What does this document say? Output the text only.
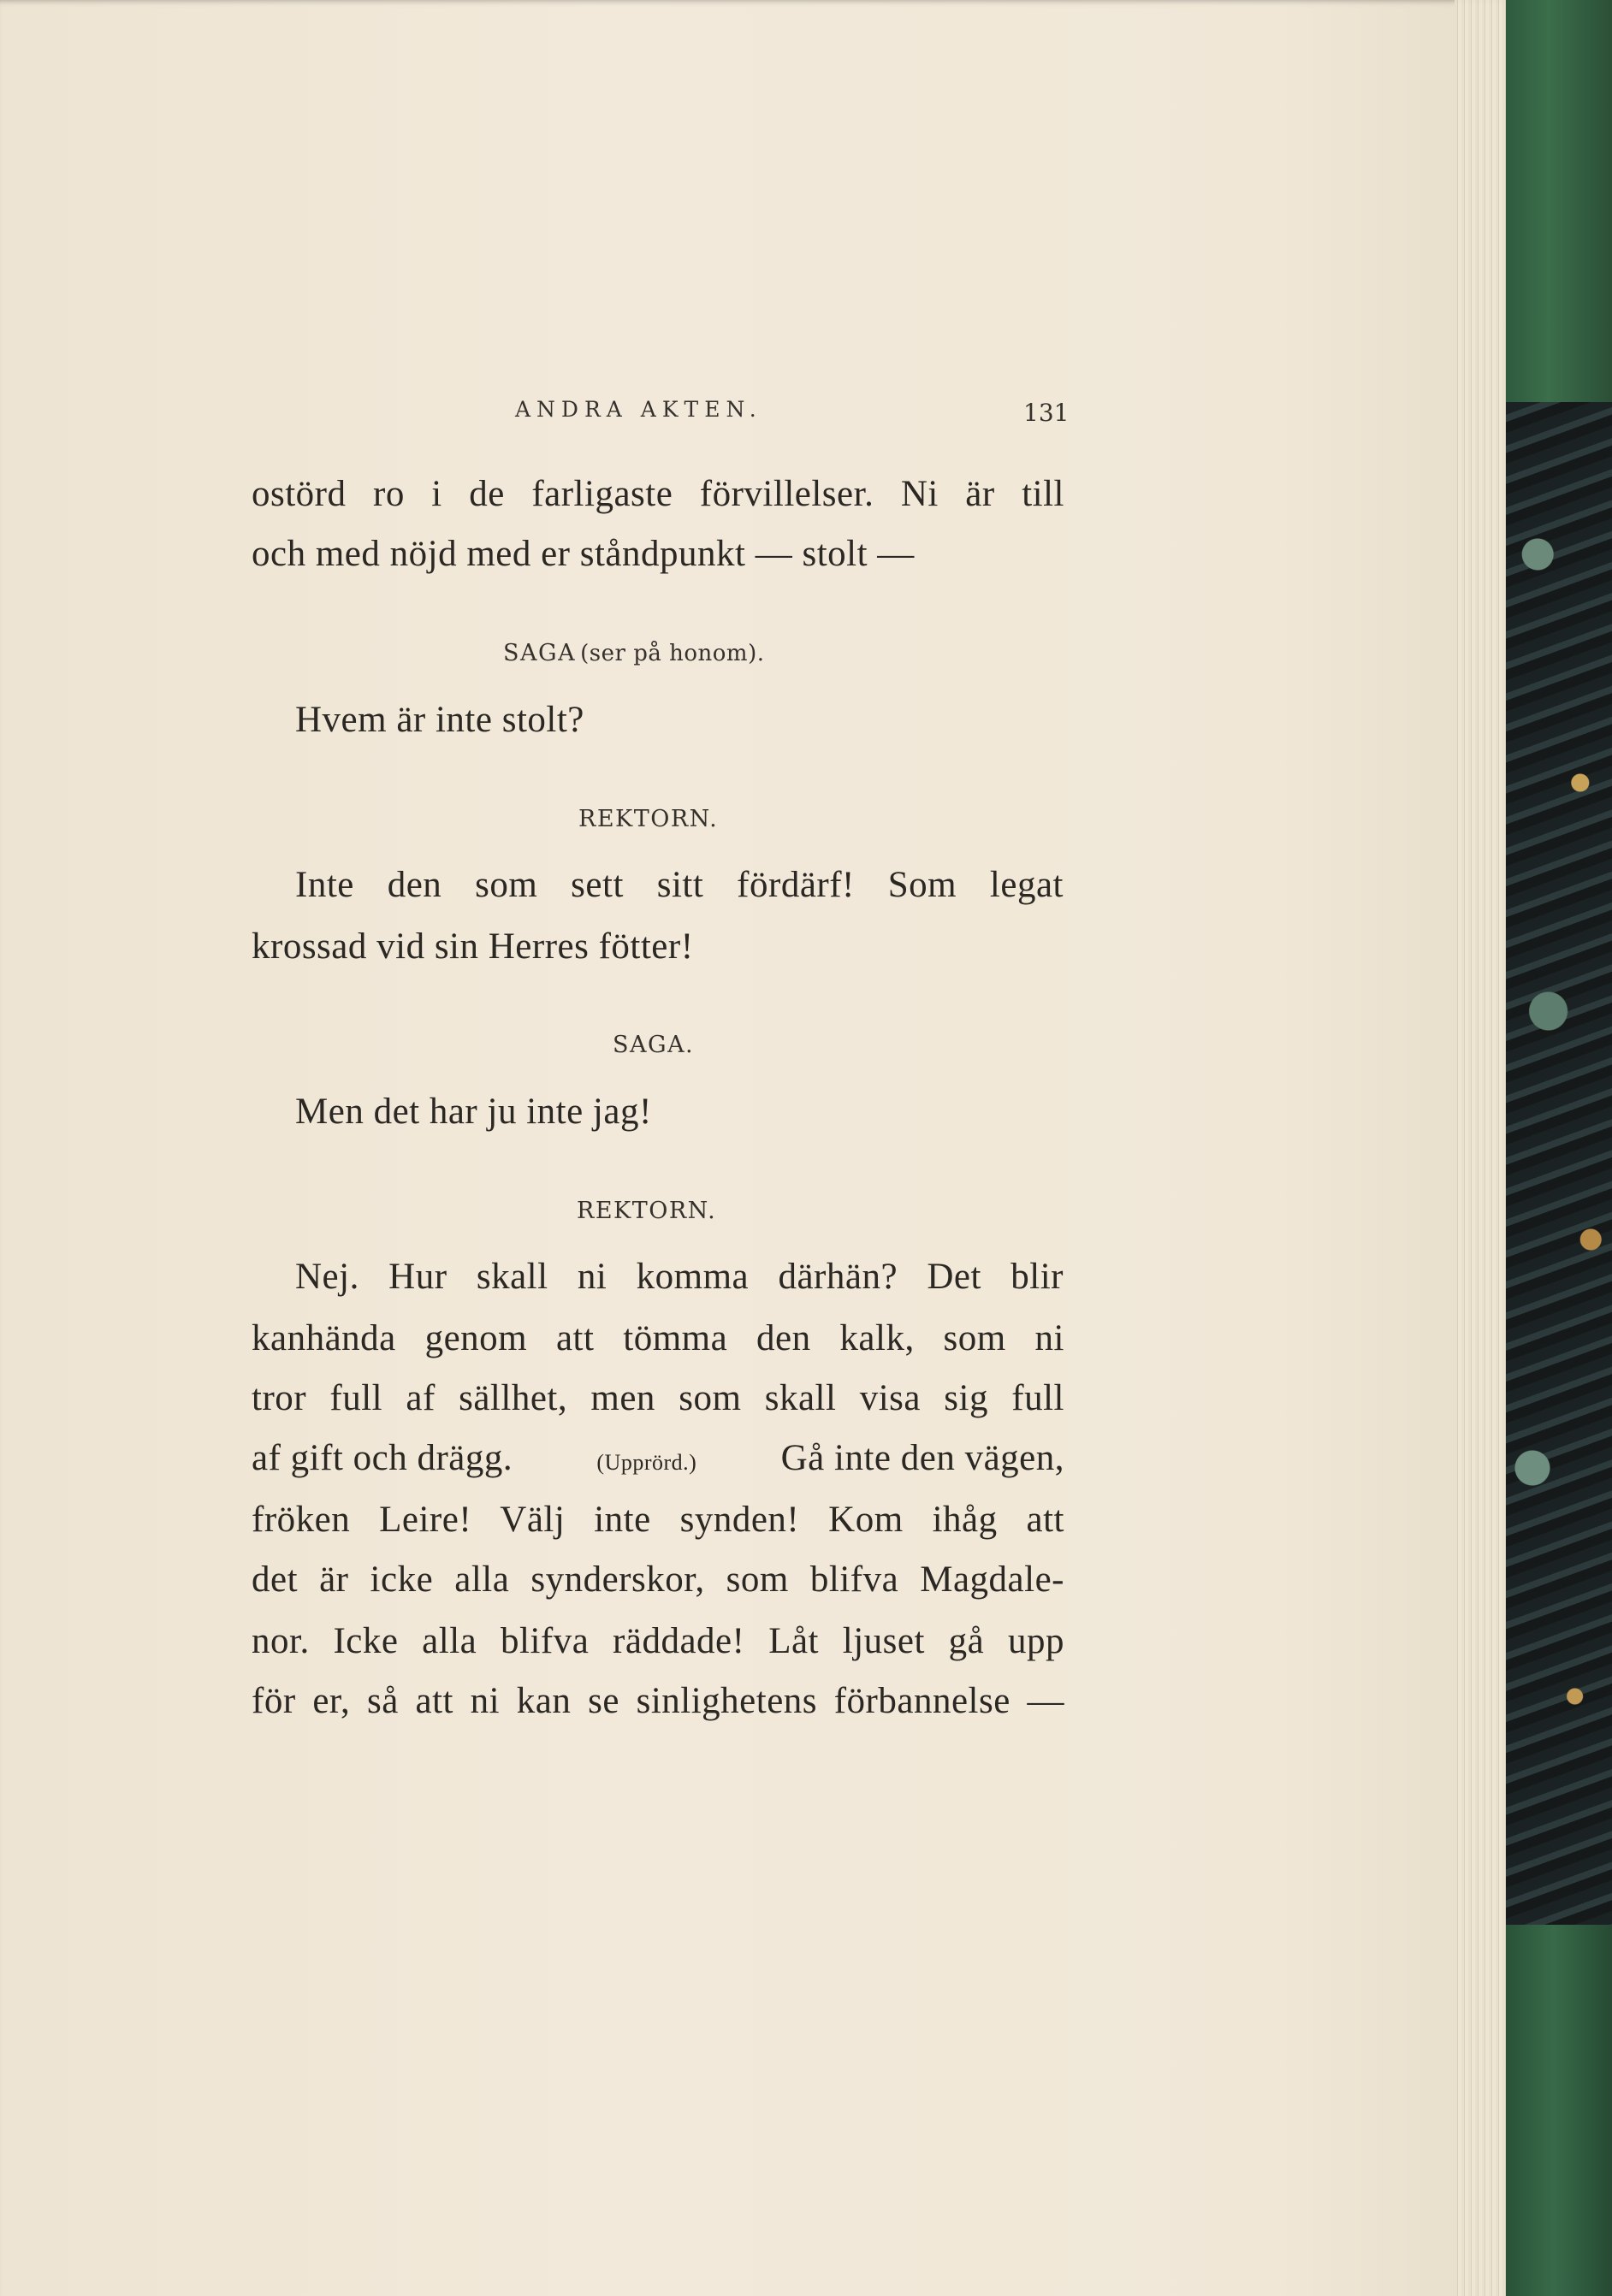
ANDRA AKTEN.	131
ostörd ro i de farligaste förvillelser. Ni är till
och med nöjd med er ståndpunkt — stolt —
SAGA (ser på honom).
Hvem är inte stolt?
REKTORN.
Inte den som sett sitt fördärf! Som legat
krossad vid sin Herres fötter!
SAGA.
Men det har ju inte jag!
REKTORN.
Nej. Hur skall ni komma därhän? Det blir
kanhända genom att tömma den kalk, som ni
tror full af sällhet, men som skall visa sig full
af gift och drägg.	(Upprörd.) Gå inte den vägen,
fröken Leire! Välj inte synden! Kom ihåg att
det är icke alla synderskor, som blifva Magdale-
nor. Icke alla blifva räddade! Låt ljuset gå upp
för er, så att ni kan se sinlighetens förbannelse —
